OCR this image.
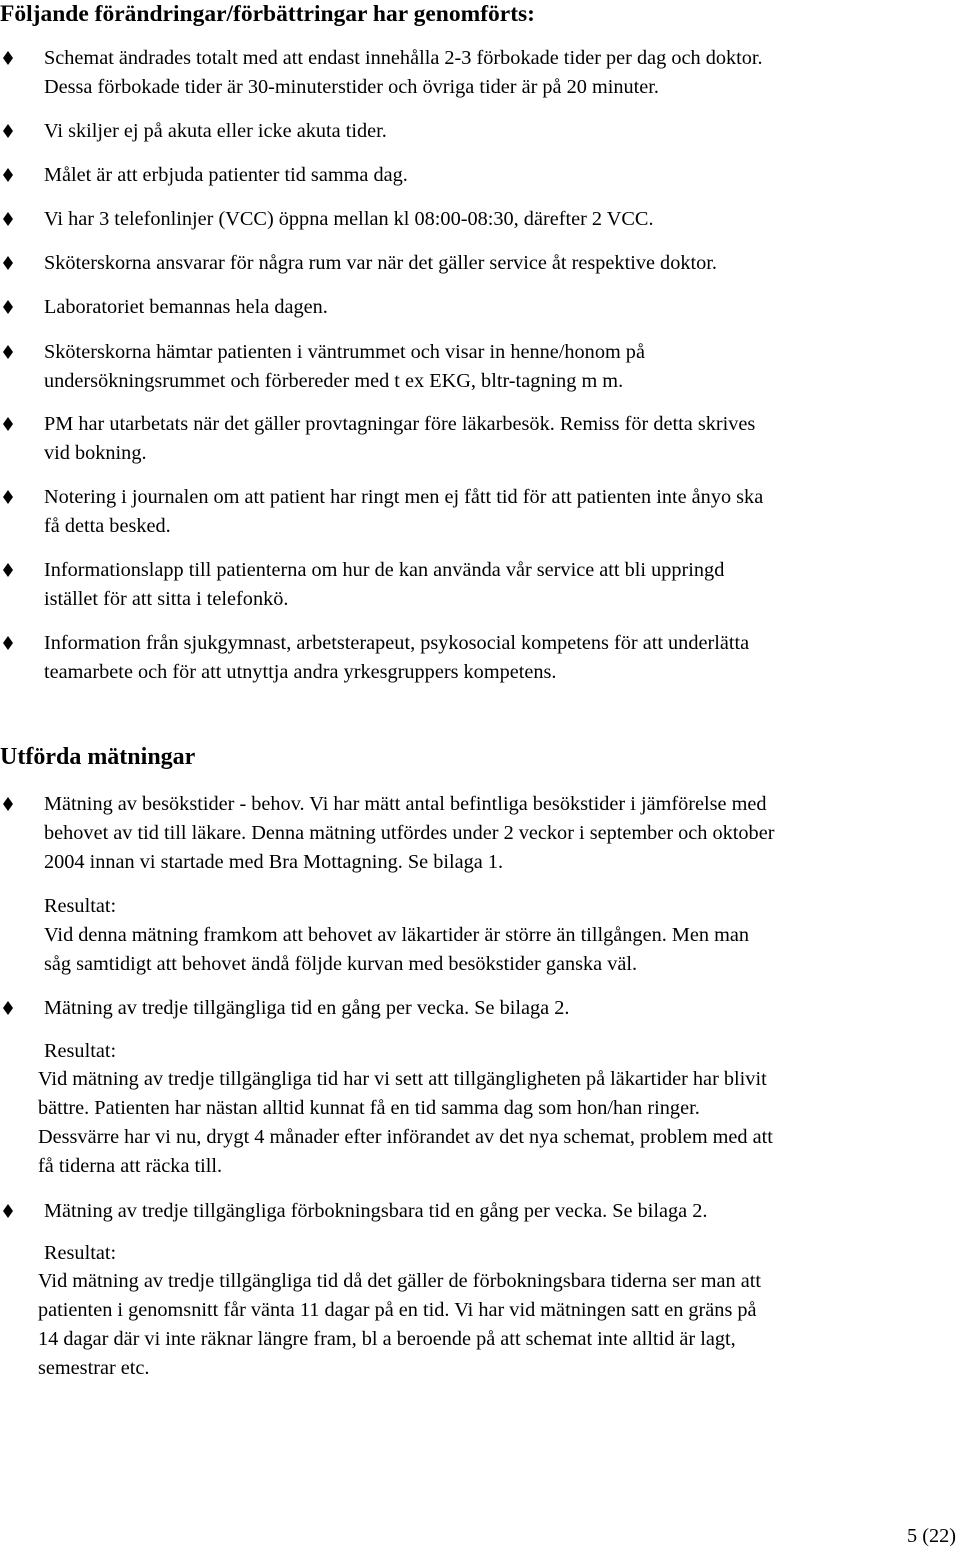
Följande förändringar/förbättringar har genomförts:
Schemat ändrades totalt med att endast innehålla 2-3 förbokade tider per dag och doktor.
Dessa förbokade tider är 30-minuterstider och övriga tider är på 20 minuter.
Vi skiljer ej på akuta eller icke akuta tider.
Målet är att erbjuda patienter tid samma dag.
Vi har 3 telefonlinjer (VCC) öppna mellan kl 08:00-08:30, därefter 2 VCC.
Sköterskorna ansvarar för några rum var när det gäller service åt respektive doktor.
Laboratoriet bemannas hela dagen.
Sköterskorna hämtar patienten i väntrummet och visar in henne/honom på
undersökningsrummet och förbereder med t ex EKG, bltr-tagning m m.
PM har utarbetats när det gäller provtagningar före läkarbesök. Remiss för detta skrives
vid bokning.
Notering i journalen om att patient har ringt men ej fått tid för att patienten inte ånyo ska
få detta besked.
Informationslapp till patienterna om hur de kan använda vår service att bli uppringd
istället för att sitta i telefonkö.
Information från sjukgymnast, arbetsterapeut, psykosocial kompetens för att underlätta
teamarbete och för att utnyttja andra yrkesgruppers kompetens.
Utförda mätningar
Mätning av besökstider - behov. Vi har mätt antal befintliga besökstider i jämförelse med
behovet av tid till läkare. Denna mätning utfördes under 2 veckor i september och oktober
2004 innan vi startade med Bra Mottagning. Se bilaga 1.
Resultat:
Vid denna mätning framkom att behovet av läkartider är större än tillgången. Men man
såg samtidigt att behovet ändå följde kurvan med besökstider ganska väl.
Mätning av tredje tillgängliga tid en gång per vecka. Se bilaga 2.
Resultat:
Vid mätning av tredje tillgängliga tid har vi sett att tillgängligheten på läkartider har blivit
bättre. Patienten har nästan alltid kunnat få en tid samma dag som hon/han ringer.
Dessvärre har vi nu, drygt 4 månader efter införandet av det nya schemat, problem med att
få tiderna att räcka till.
Mätning av tredje tillgängliga förbokningsbara tid en gång per vecka. Se bilaga 2.
Resultat:
Vid mätning av tredje tillgängliga tid då det gäller de förbokningsbara tiderna ser man att
patienten i genomsnitt får vänta 11 dagar på en tid. Vi har vid mätningen satt en gräns på
14 dagar där vi inte räknar längre fram, bl a beroende på att schemat inte alltid är lagt,
semestrar etc.
5 (22)
